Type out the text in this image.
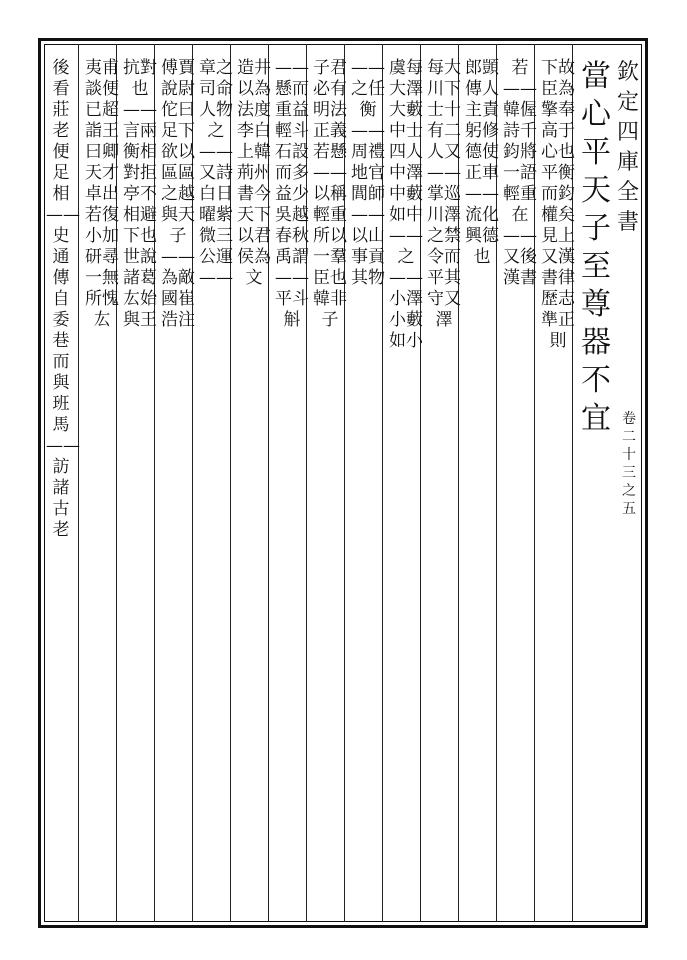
欽定四庫全書
卷二十三之五
當心平天子至尊器不宜
下故臣為擎奉高于心也平衡而鈞權矣見上又漢書律歷志準正則
若——韓偓詩千鈞將一語輕重在——又後漢書
郎顗傳人主責躬修德使正車——流化興德也
每大川下士十有二人又——掌巡川澤之禁令而平其守又澤
虞每大澤大藪中士四人中澤中藪如中——之——小澤小藪如小
——之任衡——周禮地官閭師——以山事貢其物
子君必有明法正義若懸——以稱輕重所以一羣臣也韓非子
——懸而重益輕斗石設而多益少吳越春秋禹謂——平斗斛
造井以為法度李白上韓荊州書今天下以君侯為文
章之司命人物之——又詩白日曜紫微三公運——
傅賈說尉佗曰足下欲以區區之越與天子——為敵國崔浩注
抗對也——言兩衡相對拒亭不相避下也世說諸葛厷始與王
夷甫談便已超詣王曰卿天才卓出若復小加研尋一無所愧厷
後看莊老便足相——史通傳自委巷而與班馬——訪諸古老
